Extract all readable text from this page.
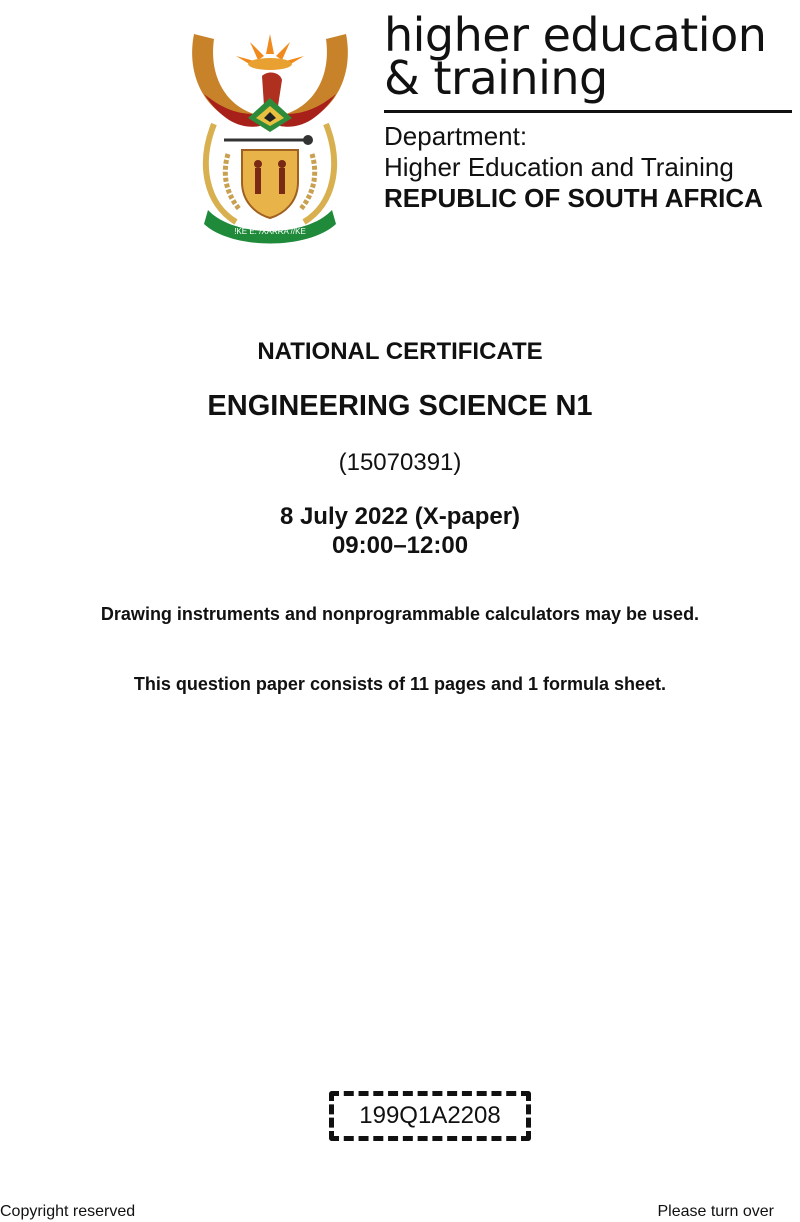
!KE E: /XARRA //KE
higher education
& training
Department:
Higher Education and Training
REPUBLIC OF SOUTH AFRICA
NATIONAL CERTIFICATE
ENGINEERING SCIENCE N1
(15070391)
8 July 2022 (X-paper)
09:00–12:00
Drawing instruments and nonprogrammable calculators may be used.
This question paper consists of 11 pages and 1 formula sheet.
199Q1A2208
Copyright reserved	Please turn over
